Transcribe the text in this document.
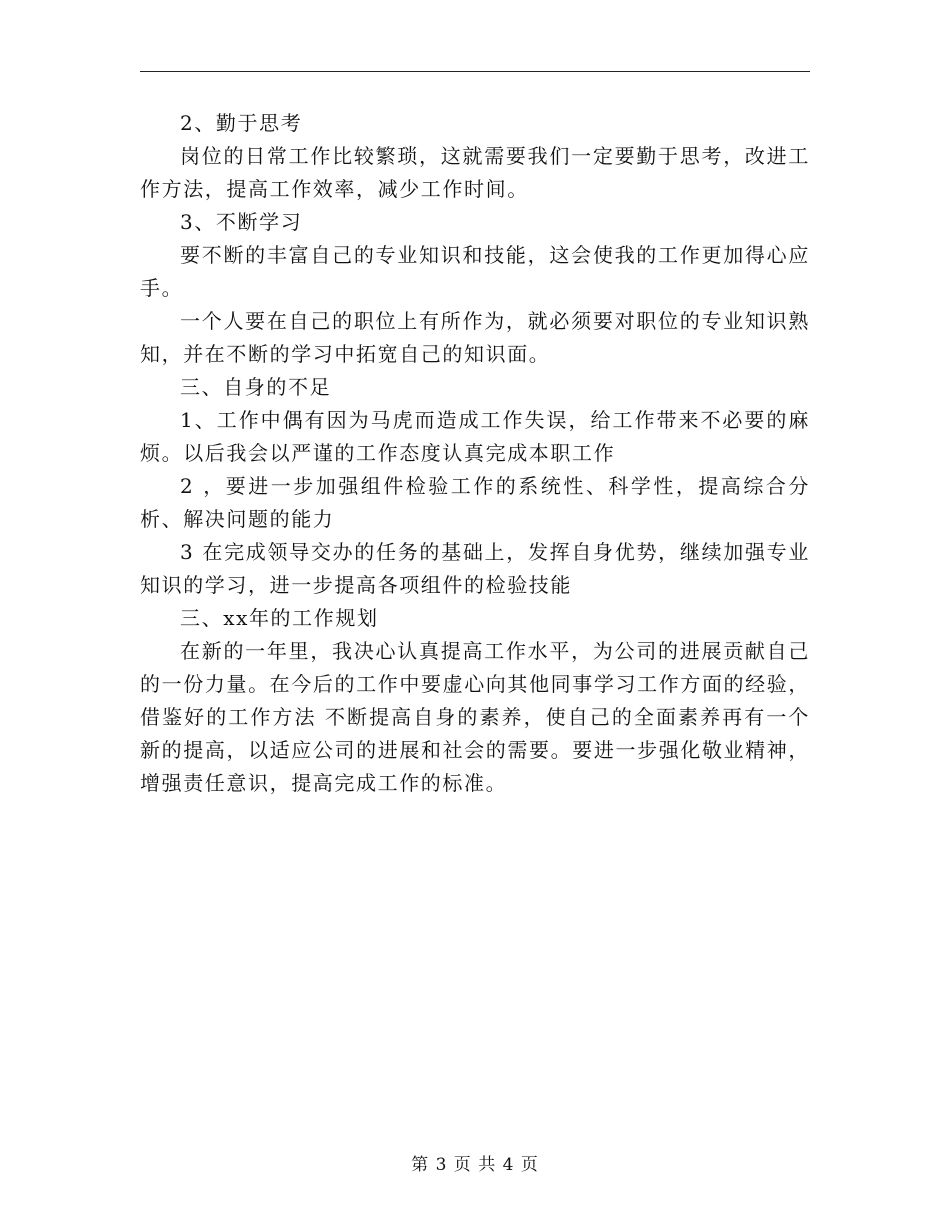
2、勤于思考

岗位的日常工作比较繁琐，这就需要我们一定要勤于思考，改进工作方法，提高工作效率，减少工作时间。

3、不断学习

要不断的丰富自己的专业知识和技能，这会使我的工作更加得心应手。

一个人要在自己的职位上有所作为，就必须要对职位的专业知识熟知，并在不断的学习中拓宽自己的知识面。

三、自身的不足

1、工作中偶有因为马虎而造成工作失误，给工作带来不必要的麻烦。以后我会以严谨的工作态度认真完成本职工作

2 ，要进一步加强组件检验工作的系统性、科学性，提高综合分析、解决问题的能力

3 在完成领导交办的任务的基础上，发挥自身优势，继续加强专业知识的学习，进一步提高各项组件的检验技能

三、xx年的工作规划

在新的一年里，我决心认真提高工作水平，为公司的进展贡献自己的一份力量。在今后的工作中要虚心向其他同事学习工作方面的经验，借鉴好的工作方法 不断提高自身的素养，使自己的全面素养再有一个新的提高，以适应公司的进展和社会的需要。要进一步强化敬业精神，增强责任意识，提高完成工作的标准。

第 3 页 共 4 页
